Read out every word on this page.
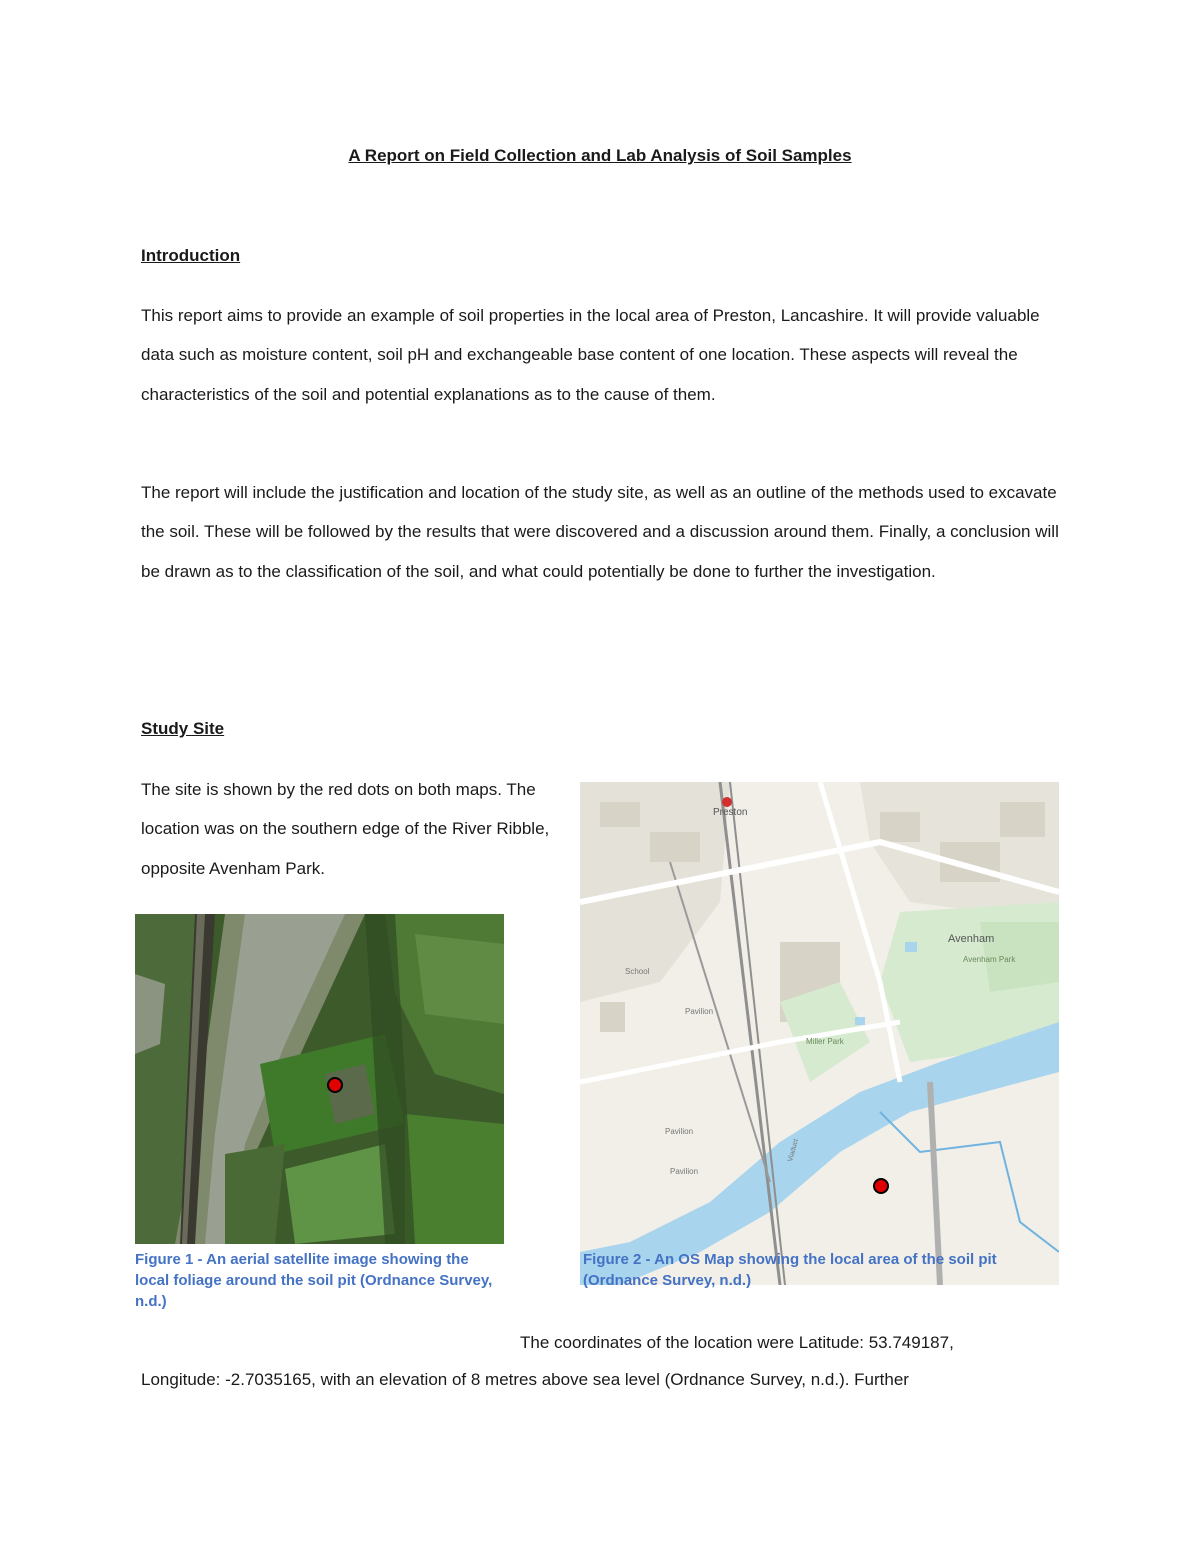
A Report on Field Collection and Lab Analysis of Soil Samples
Introduction

This report aims to provide an example of soil properties in the local area of Preston, Lancashire. It will provide valuable data such as moisture content, soil pH and exchangeable base content of one location. These aspects will reveal the characteristics of the soil and potential explanations as to the cause of them.

The report will include the justification and location of the study site, as well as an outline of the methods used to excavate the soil. These will be followed by the results that were discovered and a discussion around them. Finally, a conclusion will be drawn as to the classification of the soil, and what could potentially be done to further the investigation.

Study Site

The site is shown by the red dots on both maps. The location was on the southern edge of the River Ribble, opposite Avenham Park.

Figure 1 - An aerial satellite image showing the local foliage around the soil pit (Ordnance Survey, n.d.)
Preston
Avenham
Avenham Park
School
Pavilion
Pavilion
Pavilion
Miller Park
Viaduct
Figure 2 - An OS Map showing the local area of the soil pit (Ordnance Survey, n.d.)
The coordinates of the location were Latitude: 53.749187,
Longitude: -2.7035165, with an elevation of 8 metres above sea level (Ordnance Survey, n.d.). Further
